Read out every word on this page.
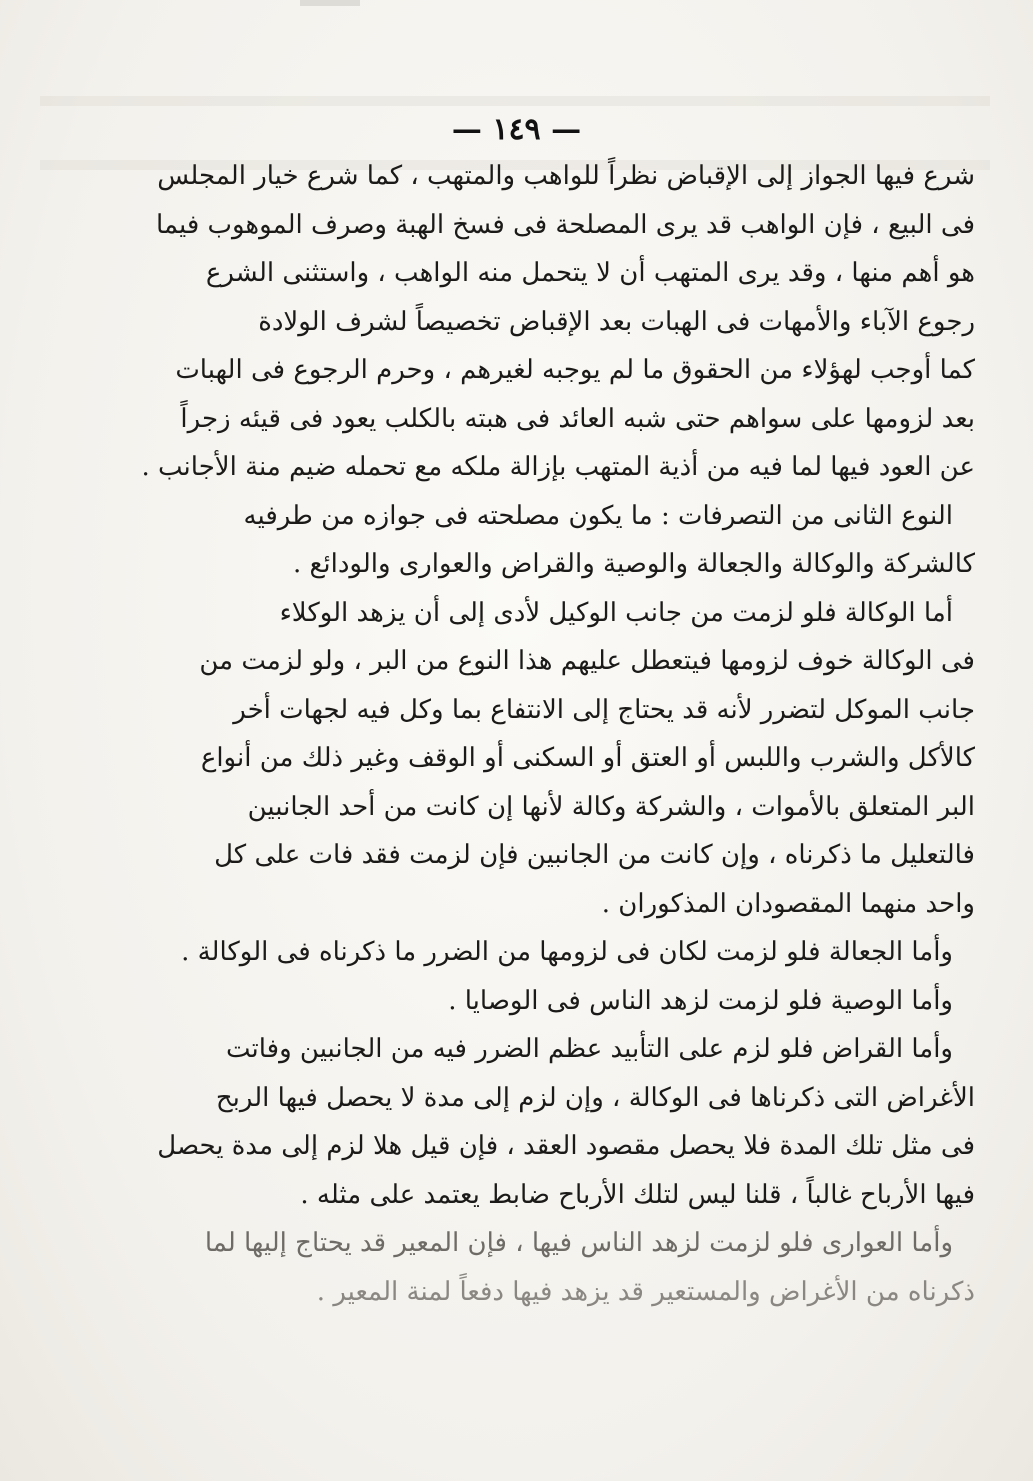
— ١٤٩ —
شرع فيها الجواز إلى الإقباض نظراً للواهب والمتهب ، كما شرع خيار المجلس
فى البيع ، فإن الواهب قد يرى المصلحة فى فسخ الهبة وصرف الموهوب فيما
هو أهم منها ، وقد يرى المتهب أن لا يتحمل منه الواهب ، واستثنى الشرع
رجوع الآباء والأمهات فى الهبات بعد الإقباض تخصيصاً لشرف الولادة
كما أوجب لهؤلاء من الحقوق ما لم يوجبه لغيرهم ، وحرم الرجوع فى الهبات
بعد لزومها على سواهم حتى شبه العائد فى هبته بالكلب يعود فى قيئه زجراً
عن العود فيها لما فيه من أذية المتهب بإزالة ملكه مع تحمله ضيم منة الأجانب .
النوع الثانى من التصرفات : ما يكون مصلحته فى جوازه من طرفيه
كالشركة والوكالة والجعالة والوصية والقراض والعوارى والودائع .
أما الوكالة فلو لزمت من جانب الوكيل لأدى إلى أن يزهد الوكلاء
فى الوكالة خوف لزومها فيتعطل عليهم هذا النوع من البر ، ولو لزمت من
جانب الموكل لتضرر لأنه قد يحتاج إلى الانتفاع بما وكل فيه لجهات أخر
كالأكل والشرب واللبس أو العتق أو السكنى أو الوقف وغير ذلك من أنواع
البر المتعلق بالأموات ، والشركة وكالة لأنها إن كانت من أحد الجانبين
فالتعليل ما ذكرناه ، وإن كانت من الجانبين فإن لزمت فقد فات على كل
واحد منهما المقصودان المذكوران .
وأما الجعالة فلو لزمت لكان فى لزومها من الضرر ما ذكرناه فى الوكالة .
وأما الوصية فلو لزمت لزهد الناس فى الوصايا .
وأما القراض فلو لزم على التأبيد عظم الضرر فيه من الجانبين وفاتت
الأغراض التى ذكرناها فى الوكالة ، وإن لزم إلى مدة لا يحصل فيها الربح
فى مثل تلك المدة فلا يحصل مقصود العقد ، فإن قيل هلا لزم إلى مدة يحصل
فيها الأرباح غالباً ، قلنا ليس لتلك الأرباح ضابط يعتمد على مثله .
وأما العوارى فلو لزمت لزهد الناس فيها ، فإن المعير قد يحتاج إليها لما
ذكرناه من الأغراض والمستعير قد يزهد فيها دفعاً لمنة المعير .
